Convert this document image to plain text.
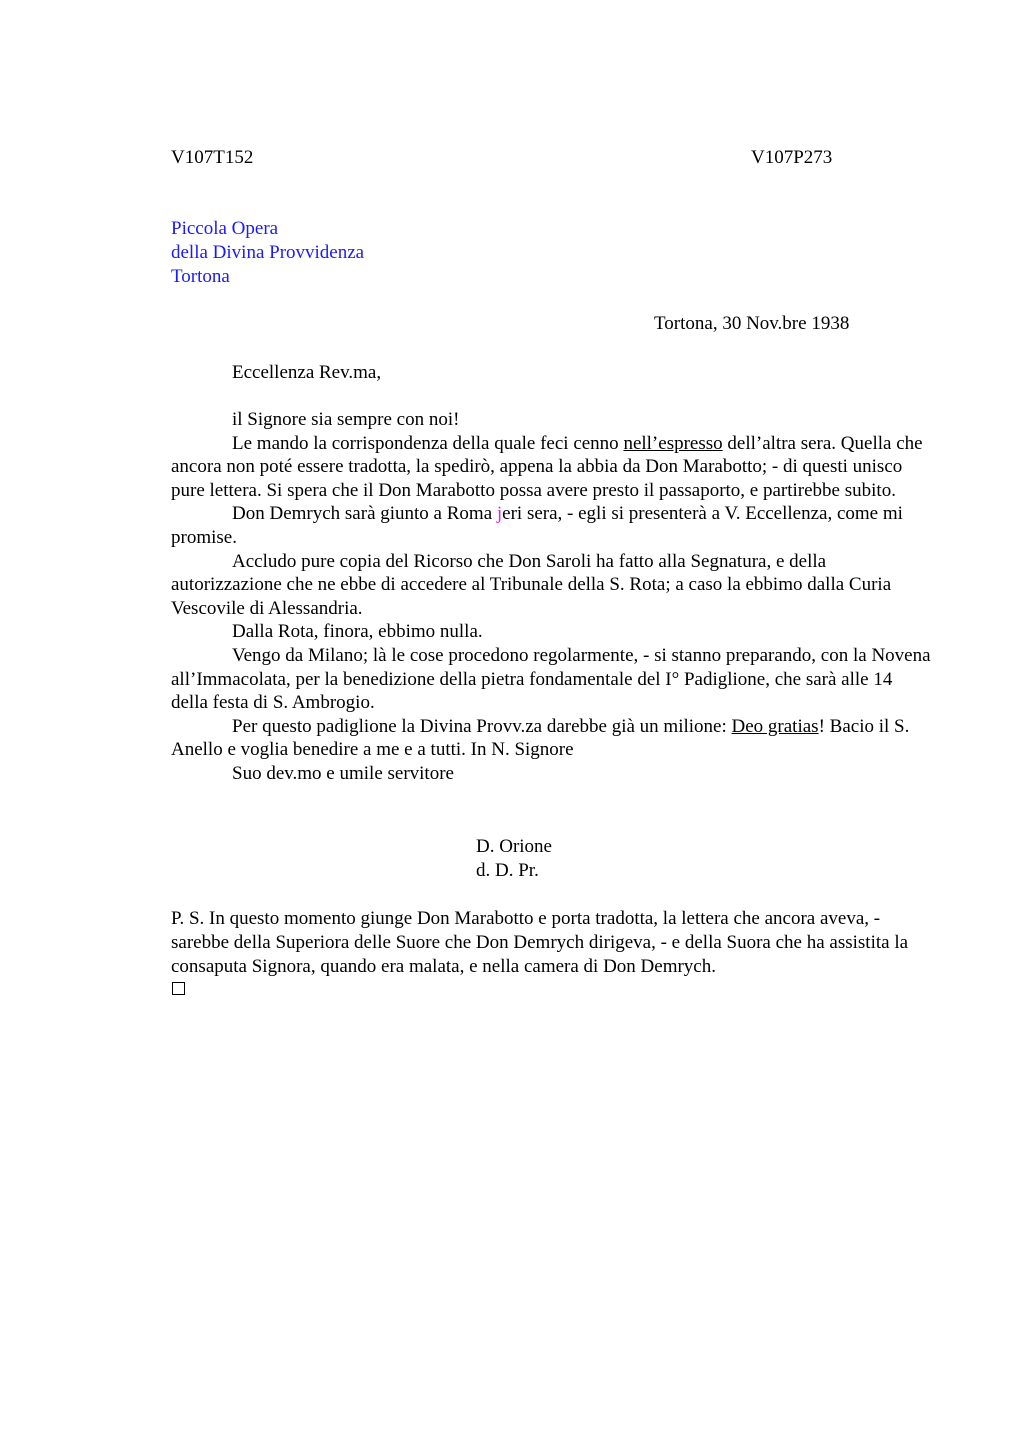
V107T152	V107P273
Piccola Opera
della Divina Provvidenza
Tortona
Tortona, 30 Nov.bre 1938
Eccellenza Rev.ma,

il Signore sia sempre con noi!

Le mando la corrispondenza della quale feci cenno nell’espresso dell’altra sera. Quella che ancora non poté essere tradotta, la spedirò, appena la abbia da Don Marabotto; - di questi unisco pure lettera. Si spera che il Don Marabotto possa avere presto il passaporto, e partirebbe subito.

Don Demrych sarà giunto a Roma jeri sera, - egli si presenterà a V. Eccellenza, come mi promise.

Accludo pure copia del Ricorso che Don Saroli ha fatto alla Segnatura, e della autorizzazione che ne ebbe di accedere al Tribunale della S. Rota; a caso la ebbimo dalla Curia Vescovile di Alessandria.

Dalla Rota, finora, ebbimo nulla.

Vengo da Milano; là le cose procedono regolarmente, - si stanno preparando, con la Novena all’Immacolata, per la benedizione della pietra fondamentale del I° Padiglione, che sarà alle 14 della festa di S. Ambrogio.

Per questo padiglione la Divina Provv.za darebbe già un milione: Deo gratias! Bacio il S. Anello e voglia benedire a me e a tutti. In N. Signore

Suo dev.mo e umile servitore

D. Orione
d. D. Pr.
P. S. In questo momento giunge Don Marabotto e porta tradotta, la lettera che ancora aveva, - sarebbe della Superiora delle Suore che Don Demrych dirigeva, - e della Suora che ha assistita la consaputa Signora, quando era malata, e nella camera di Don Demrych.
